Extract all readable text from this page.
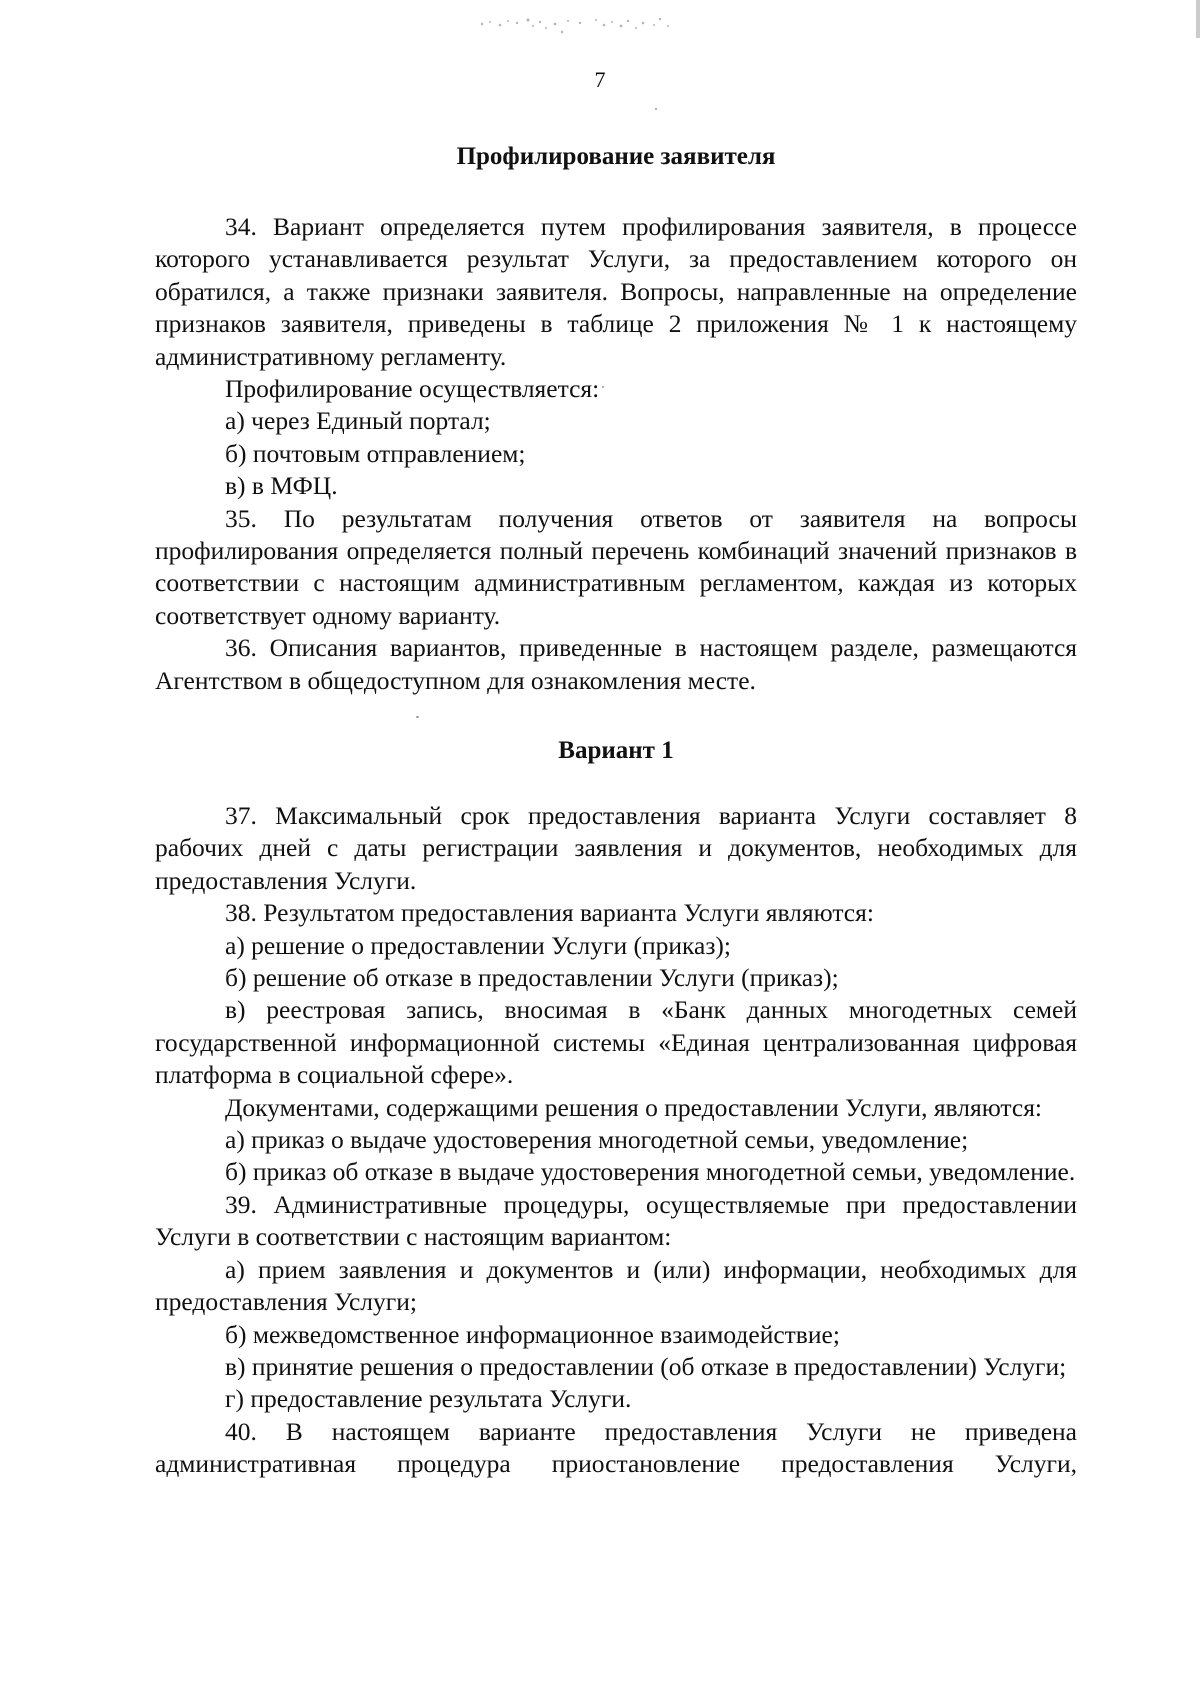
7
Профилирование заявителя

34. Вариант определяется путем профилирования заявителя, в процессе которого устанавливается результат Услуги, за предоставлением которого он обратился, а также признаки заявителя. Вопросы, направленные на определение признаков заявителя, приведены в таблице 2 приложения № 1 к настоящему административному регламенту.

Профилирование осуществляется:

а) через Единый портал;

б) почтовым отправлением;

в) в МФЦ.

35. По результатам получения ответов от заявителя на вопросы профилирования определяется полный перечень комбинаций значений признаков в соответствии с настоящим административным регламентом, каждая из которых соответствует одному варианту.

36. Описания вариантов, приведенные в настоящем разделе, размещаются Агентством в общедоступном для ознакомления месте.

Вариант 1

37. Максимальный срок предоставления варианта Услуги составляет 8 рабочих дней с даты регистрации заявления и документов, необходимых для предоставления Услуги.

38. Результатом предоставления варианта Услуги являются:

а) решение о предоставлении Услуги (приказ);

б) решение об отказе в предоставлении Услуги (приказ);

в) реестровая запись, вносимая в «Банк данных многодетных семей государственной информационной системы «Единая централизованная цифровая платформа в социальной сфере».

Документами, содержащими решения о предоставлении Услуги, являются:

а) приказ о выдаче удостоверения многодетной семьи, уведомление;

б) приказ об отказе в выдаче удостоверения многодетной семьи, уведомление.

39. Административные процедуры, осуществляемые при предоставлении Услуги в соответствии с настоящим вариантом:

а) прием заявления и документов и (или) информации, необходимых для предоставления Услуги;

б) межведомственное информационное взаимодействие;

в) принятие решения о предоставлении (об отказе в предоставлении) Услуги;

г) предоставление результата Услуги.

40. В настоящем варианте предоставления Услуги не приведена административная процедура приостановление предоставления Услуги,
